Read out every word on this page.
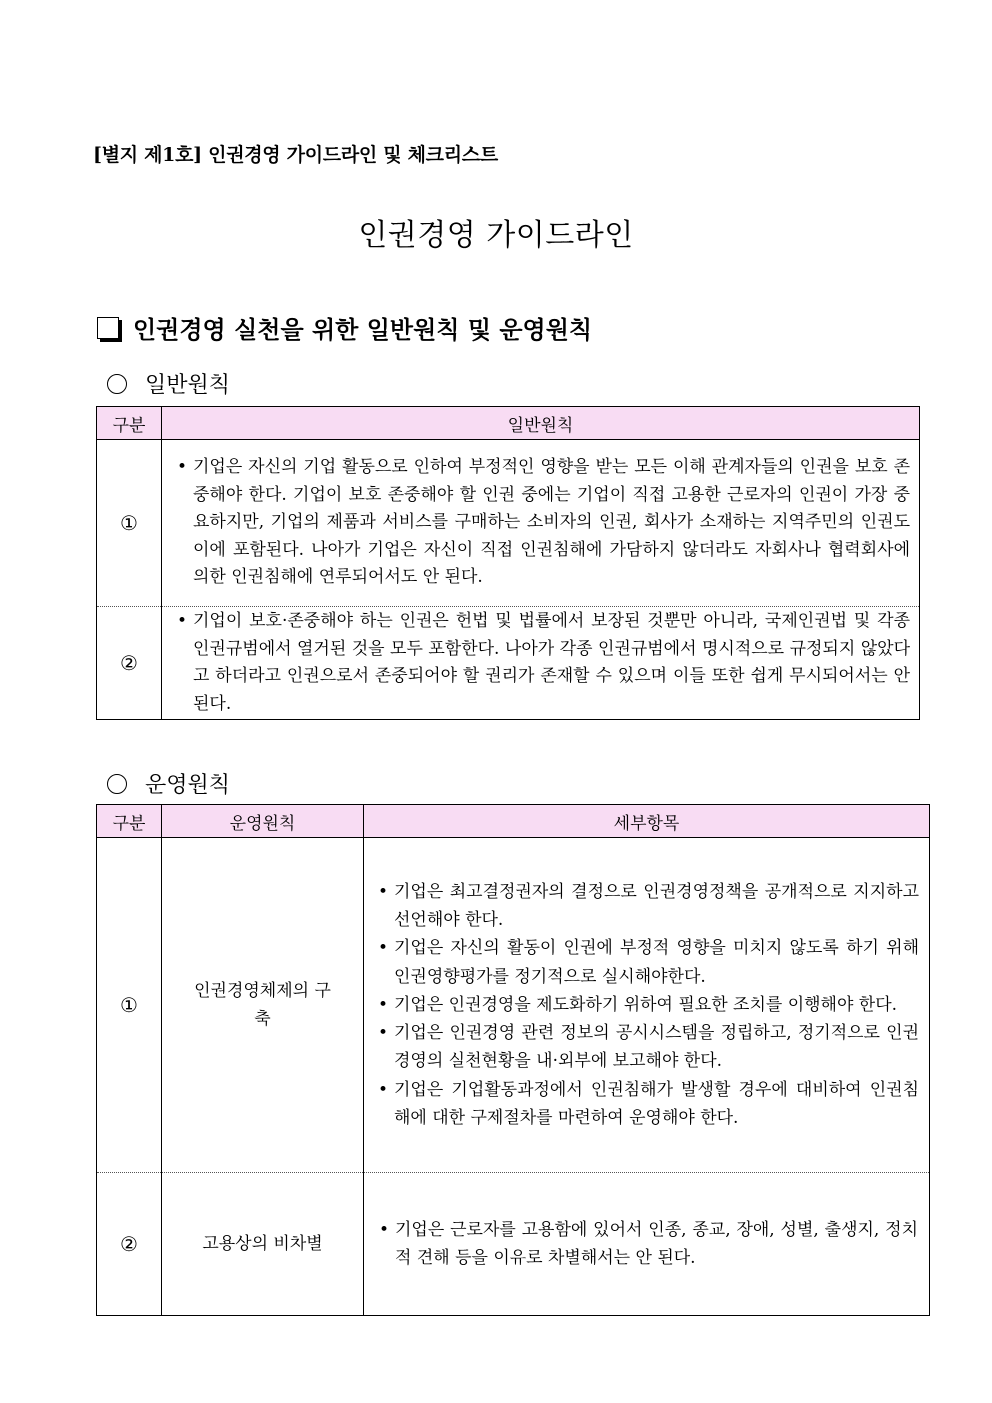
[별지 제1호] 인권경영 가이드라인 및 체크리스트
인권경영 가이드라인
인권경영 실천을 위한 일반원칙 및 운영원칙
일반원칙
구분	일반원칙
①	• 기업은 자신의 기업 활동으로 인하여 부정적인 영향을 받는 모든 이해 관계자들의 인권을 보호 존중해야 한다. 기업이 보호 존중해야 할 인권 중에는 기업이 직접 고용한 근로자의 인권이 가장 중요하지만, 기업의 제품과 서비스를 구매하는 소비자의 인권, 회사가 소재하는 지역주민의 인권도 이에 포함된다. 나아가 기업은 자신이 직접 인권침해에 가담하지 않더라도 자회사나 협력회사에 의한 인권침해에 연루되어서도 안 된다.

②	• 기업이 보호·존중해야 하는 인권은 헌법 및 법률에서 보장된 것뿐만 아니라, 국제인권법 및 각종 인권규범에서 열거된 것을 모두 포함한다. 나아가 각종 인권규범에서 명시적으로 규정되지 않았다고 하더라고 인권으로서 존중되어야 할 권리가 존재할 수 있으며 이들 또한 쉽게 무시되어서는 안 된다.
운영원칙
구분	운영원칙	세부항목
①	인권경영체제의 구축	• 기업은 최고결정권자의 결정으로 인권경영정책을 공개적으로 지지하고 선언해야 한다.
• 기업은 자신의 활동이 인권에 부정적 영향을 미치지 않도록 하기 위해 인권영향평가를 정기적으로 실시해야한다.
• 기업은 인권경영을 제도화하기 위하여 필요한 조치를 이행해야 한다.
• 기업은 인권경영 관련 정보의 공시시스템을 정립하고, 정기적으로 인권 경영의 실천현황을 내·외부에 보고해야 한다.
• 기업은 기업활동과정에서 인권침해가 발생할 경우에 대비하여 인권침해에 대한 구제절차를 마련하여 운영해야 한다.

②	고용상의 비차별	• 기업은 근로자를 고용함에 있어서 인종, 종교, 장애, 성별, 출생지, 정치적 견해 등을 이유로 차별해서는 안 된다.
